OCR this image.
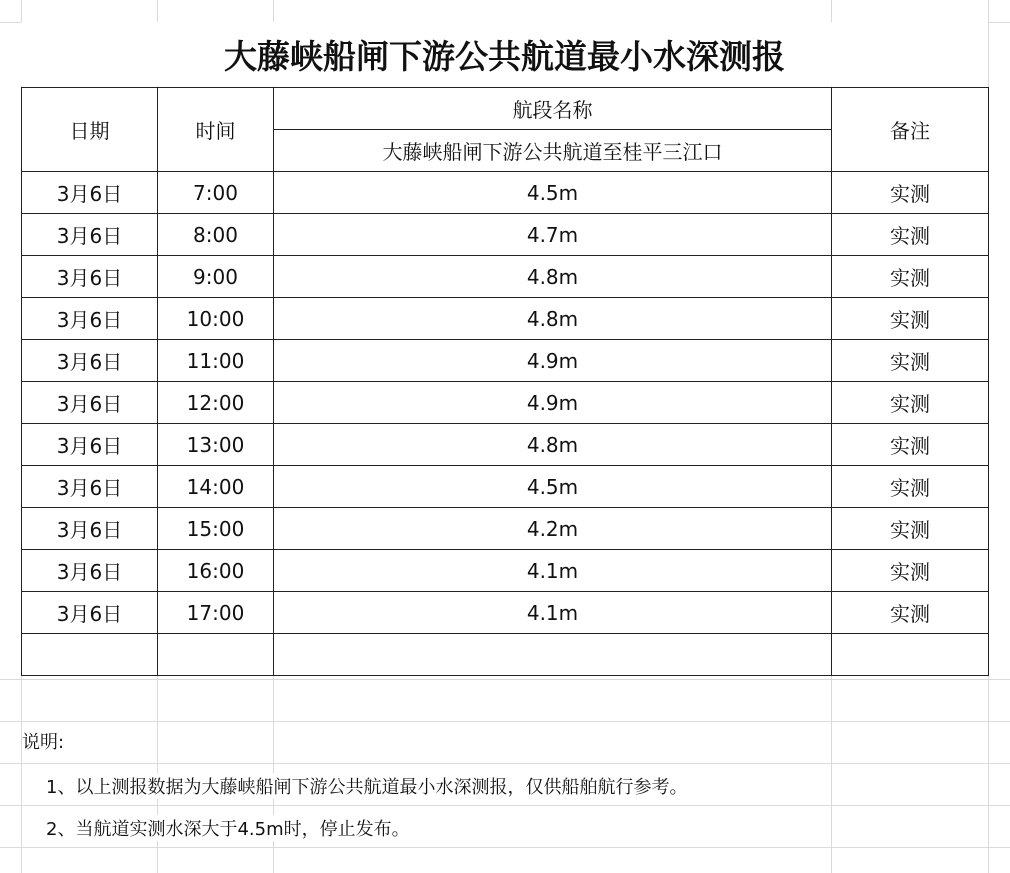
大藤峡船闸下游公共航道最小水深测报
日期	时间	航段名称	备注
		大藤峡船闸下游公共航道至桂平三江口	
3月6日	7:00	4.5m	实测
3月6日	8:00	4.7m	实测
3月6日	9:00	4.8m	实测
3月6日	10:00	4.8m	实测
3月6日	11:00	4.9m	实测
3月6日	12:00	4.9m	实测
3月6日	13:00	4.8m	实测
3月6日	14:00	4.5m	实测
3月6日	15:00	4.2m	实测
3月6日	16:00	4.1m	实测
3月6日	17:00	4.1m	实测

说明:
1、以上测报数据为大藤峡船闸下游公共航道最小水深测报，仅供船舶航行参考。
2、当航道实测水深大于4.5m时，停止发布。
